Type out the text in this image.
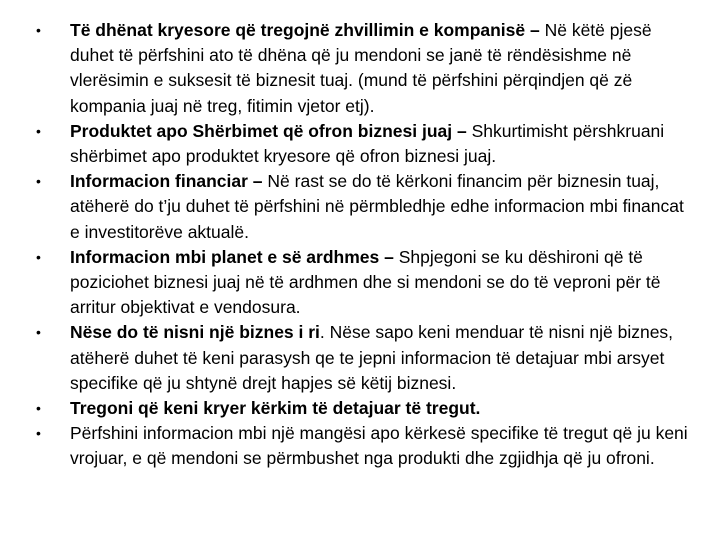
• Të dhënat kryesore që tregojnë zhvillimin e kompanisë – Në këtë pjesë duhet të përfshini ato të dhëna që ju mendoni se janë të rëndësishme në vlerësimin e suksesit të biznesit tuaj. (mund të përfshini përqindjen që zë kompania juaj në treg, fitimin vjetor etj).
• Produktet apo Shërbimet që ofron biznesi juaj – Shkurtimisht përshkruani shërbimet apo produktet kryesore që ofron biznesi juaj.
• Informacion financiar – Në rast se do të kërkoni financim për biznesin tuaj, atëherë do t’ju duhet të përfshini në përmbledhje edhe informacion mbi financat e investitorëve aktualë.
• Informacion mbi planet e së ardhmes – Shpjegoni se ku dëshironi që të poziciohet biznesi juaj në të ardhmen dhe si mendoni se do të veproni për të arritur objektivat e vendosura.
• Nëse do të nisni një biznes i ri. Nëse sapo keni menduar të nisni një biznes, atëherë duhet të keni parasysh qe te jepni informacion të detajuar mbi arsyet specifike që ju shtynë drejt hapjes së këtij biznesi.
• Tregoni që keni kryer kërkim të detajuar të tregut.
• Përfshini informacion mbi një mangësi apo kërkesë specifike të tregut që ju keni vrojuar, e që mendoni se përmbushet nga produkti dhe zgjidhja që ju ofroni.
